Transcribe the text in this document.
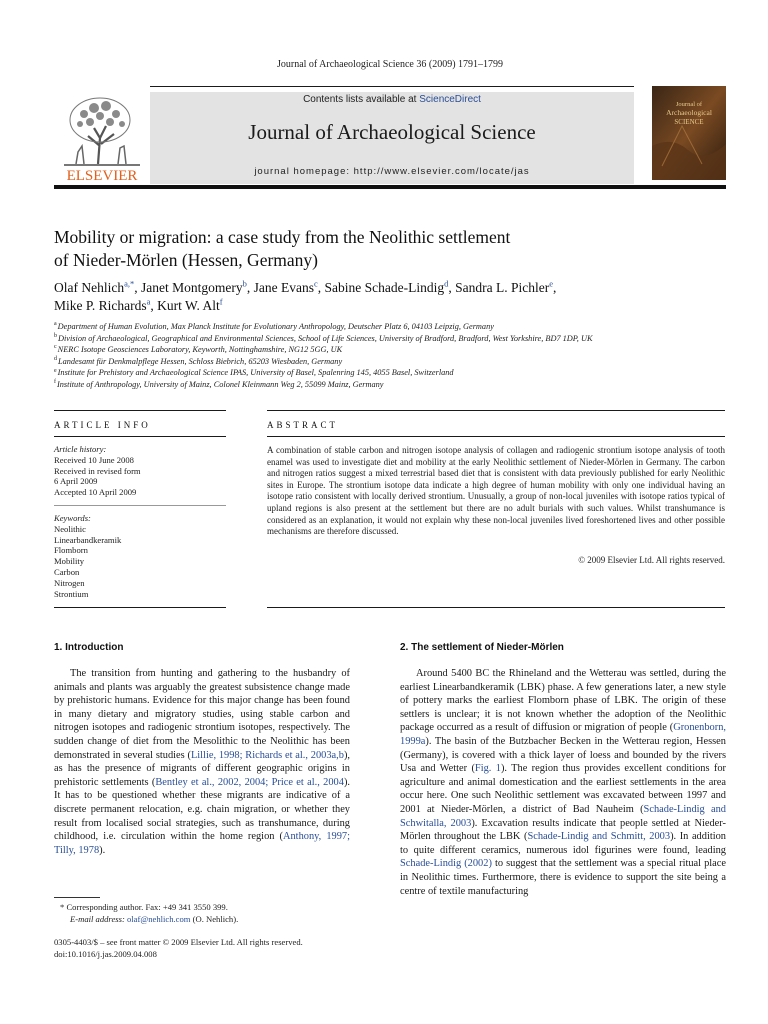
Journal of Archaeological Science 36 (2009) 1791–1799
ELSEVIER
Contents lists available at ScienceDirect
Journal of Archaeological Science
journal homepage: http://www.elsevier.com/locate/jas
Journal of
Archaeological
SCIENCE
Mobility or migration: a case study from the Neolithic settlement
of Nieder-Mörlen (Hessen, Germany)
Olaf Nehlich$^{a,*}$, Janet Montgomery$^b$, Jane Evans$^c$, Sabine Schade-Lindig$^d$, Sandra L. Pichler$^e$,
Mike P. Richards$^a$, Kurt W. Alt$^f$
$^a$Department of Human Evolution, Max Planck Institute for Evolutionary Anthropology, Deutscher Platz 6, 04103 Leipzig, Germany
$^b$Division of Archaeological, Geographical and Environmental Sciences, School of Life Sciences, University of Bradford, Bradford, West Yorkshire, BD7 1DP, UK
$^c$NERC Isotope Geosciences Laboratory, Keyworth, Nottinghamshire, NG12 5GG, UK
$^d$Landesamt für Denkmalpflege Hessen, Schloss Biebrich, 65203 Wiesbaden, Germany
$^e$Institute for Prehistory and Archaeological Science IPAS, University of Basel, Spalenring 145, 4055 Basel, Switzerland
$^f$Institute of Anthropology, University of Mainz, Colonel Kleinmann Weg 2, 55099 Mainz, Germany
ARTICLE INFO	ABSTRACT
Article history:
Received 10 June 2008
Received in revised form
6 April 2009
Accepted 10 April 2009
Keywords:
Neolithic
Linearbandkeramik
Flomborn
Mobility
Carbon
Nitrogen
Strontium
A combination of stable carbon and nitrogen isotope analysis of collagen and radiogenic strontium isotope analysis of tooth enamel was used to investigate diet and mobility at the early Neolithic settlement of Nieder-Mörlen in Germany. The carbon and nitrogen ratios suggest a mixed terrestrial based diet that is consistent with data previously published for early Neolithic sites in Europe. The strontium isotope data indicate a high degree of human mobility with only one individual having an isotope ratio consistent with locally derived strontium. Unusually, a group of non-local juveniles with isotope ratios typical of upland regions is also present at the settlement but there are no adult burials with such values. Whilst transhumance is considered as an explanation, it would not explain why these non-local juveniles lived foreshortened lives and other possible mechanisms are therefore discussed.
© 2009 Elsevier Ltd. All rights reserved.
1. Introduction

The transition from hunting and gathering to the husbandry of animals and plants was arguably the greatest subsistence change made by prehistoric humans. Evidence for this major change has been found in many dietary and migratory studies, using stable carbon and nitrogen isotopes and radiogenic strontium isotopes, respectively. The sudden change of diet from the Mesolithic to the Neolithic has been demonstrated in several studies (Lillie, 1998; Richards et al., 2003a,b), as has the presence of migrants of different geographic origins in prehistoric settlements (Bentley et al., 2002, 2004; Price et al., 2004). It has to be questioned whether these migrants are indicative of a discrete permanent relocation, e.g. chain migration, or whether they result from localised social strategies, such as transhumance, during childhood, i.e. circulation within the home region (Anthony, 1997; Tilly, 1978).

2. The settlement of Nieder-Mörlen

Around 5400 BC the Rhineland and the Wetterau was settled, during the earliest Linearbandkeramik (LBK) phase. A few generations later, a new style of pottery marks the earliest Flomborn phase of LBK. The origin of these settlers is unclear; it is not known whether the adoption of the Neolithic package occurred as a result of diffusion or migration of people (Gronenborn, 1999a). The basin of the Butzbacher Becken in the Wetterau region, Hessen (Germany), is covered with a thick layer of loess and bounded by the rivers Usa and Wetter (Fig. 1). The region thus provides excellent conditions for agriculture and animal domestication and the earliest settlements in the area occur here. One such Neolithic settlement was excavated between 1997 and 2001 at Nieder-Mörlen, a district of Bad Nauheim (Schade-Lindig and Schwitalla, 2003). Excavation results indicate that people settled at Nieder-Mörlen throughout the LBK (Schade-Lindig and Schmitt, 2003). In addition to quite different ceramics, numerous idol figurines were found, leading Schade-Lindig (2002) to suggest that the settlement was a special ritual place in Neolithic times. Furthermore, there is evidence to support the site being a centre of textile manufacturing

* Corresponding author. Fax: +49 341 3550 399.
E-mail address: olaf@nehlich.com (O. Nehlich).
0305-4403/$ – see front matter © 2009 Elsevier Ltd. All rights reserved.
doi:10.1016/j.jas.2009.04.008
